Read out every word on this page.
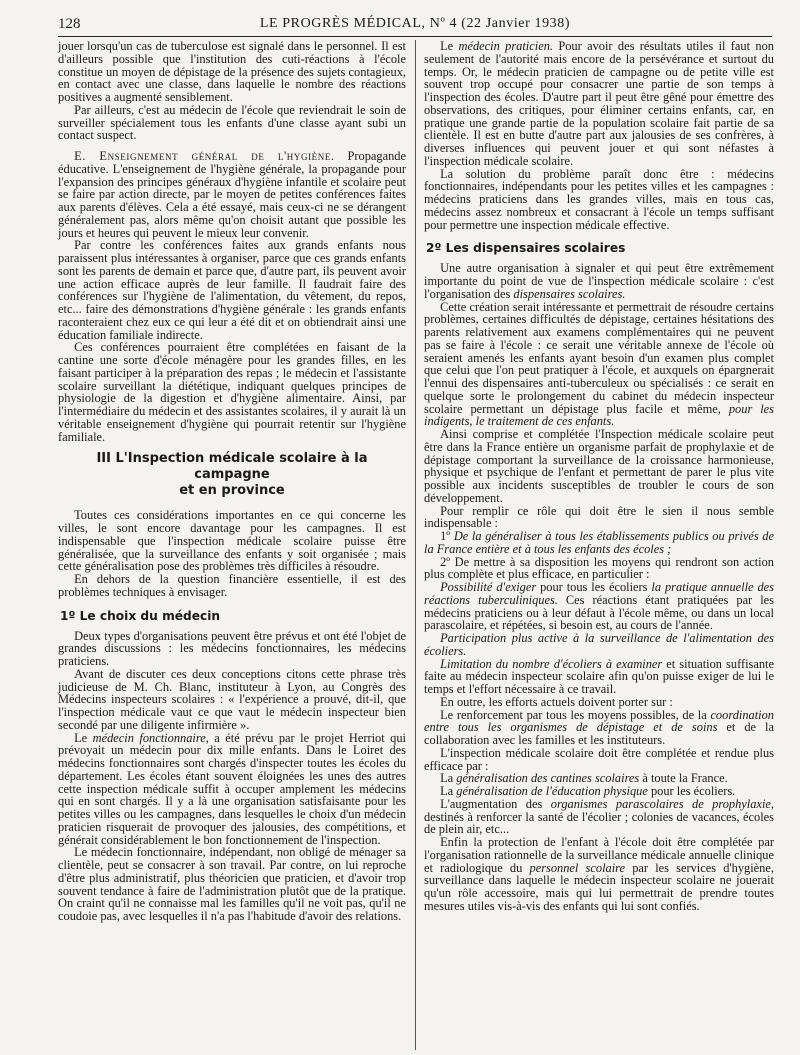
128	LE PROGRÈS MÉDICAL, Nº 4 (22 Janvier 1938)

jouer lorsqu'un cas de tuberculose est signalé dans le personnel. Il est d'ailleurs possible que l'institution des cuti-réactions à l'école constitue un moyen de dépistage de la présence des sujets contagieux, en contact avec une classe, dans laquelle le nombre des réactions positives a augmenté sensiblement.

Par ailleurs, c'est au médecin de l'école que reviendrait le soin de surveiller spécialement tous les enfants d'une classe ayant subi un contact suspect.

E. Enseignement général de l'hygiène. Propagande éducative. L'enseignement de l'hygiène générale, la propagande pour l'expansion des principes généraux d'hygiène infantile et scolaire peut se faire par action directe, par le moyen de petites conférences faites aux parents d'élèves. Cela a été essayé, mais ceux-ci ne se dérangent généralement pas, alors même qu'on choisit autant que possible les jours et heures qui peuvent le mieux leur convenir.

Par contre les conférences faites aux grands enfants nous paraissent plus intéressantes à organiser, parce que ces grands enfants sont les parents de demain et parce que, d'autre part, ils peuvent avoir une action efficace auprès de leur famille. Il faudrait faire des conférences sur l'hygiène de l'alimentation, du vêtement, du repos, etc... faire des démonstrations d'hygiène générale : les grands enfants raconteraient chez eux ce qui leur a été dit et on obtiendrait ainsi une éducation familiale indirecte.

Ces conférences pourraient être complétées en faisant de la cantine une sorte d'école ménagère pour les grandes filles, en les faisant participer à la préparation des repas ; le médecin et l'assistante scolaire surveillant la diététique, indiquant quelques principes de physiologie de la digestion et d'hygiène alimentaire. Ainsi, par l'intermédiaire du médecin et des assistantes scolaires, il y aurait là un véritable enseignement d'hygiène qui pourrait retentir sur l'hygiène familiale.

III L'Inspection médicale scolaire à la campagne
et en province

Toutes ces considérations importantes en ce qui concerne les villes, le sont encore davantage pour les campagnes. Il est indispensable que l'inspection médicale scolaire puisse être généralisée, que la surveillance des enfants y soit organisée ; mais cette généralisation pose des problèmes très difficiles à résoudre.

En dehors de la question financière essentielle, il est des problèmes techniques à envisager.

1º Le choix du médecin

Deux types d'organisations peuvent être prévus et ont été l'objet de grandes discussions : les médecins fonctionnaires, les médecins praticiens.

Avant de discuter ces deux conceptions citons cette phrase très judicieuse de M. Ch. Blanc, instituteur à Lyon, au Congrès des Médecins inspecteurs scolaires : « l'expérience a prouvé, dit-il, que l'inspection médicale vaut ce que vaut le médecin inspecteur bien secondé par une diligente infirmière ».

Le médecin fonctionnaire, a été prévu par le projet Herriot qui prévoyait un médecin pour dix mille enfants. Dans le Loiret des médecins fonctionnaires sont chargés d'inspecter toutes les écoles du département. Les écoles étant souvent éloignées les unes des autres cette inspection médicale suffit à occuper amplement les médecins qui en sont chargés. Il y a là une organisation satisfaisante pour les petites villes ou les campagnes, dans lesquelles le choix d'un médecin praticien risquerait de provoquer des jalousies, des compétitions, et générait considérablement le bon fonctionnement de l'inspection.

Le médecin fonctionnaire, indépendant, non obligé de ménager sa clientèle, peut se consacrer à son travail. Par contre, on lui reproche d'être plus administratif, plus théoricien que praticien, et d'avoir trop souvent tendance à faire de l'administration plutôt que de la pratique. On craint qu'il ne connaisse mal les familles qu'il ne voit pas, qu'il ne coudoie pas, avec lesquelles il n'a pas l'habitude d'avoir des relations.

Le médecin praticien. Pour avoir des résultats utiles il faut non seulement de l'autorité mais encore de la persévérance et surtout du temps. Or, le médecin praticien de campagne ou de petite ville est souvent trop occupé pour consacrer une partie de son temps à l'inspection des écoles. D'autre part il peut être gêné pour émettre des observations, des critiques, pour éliminer certains enfants, car, en pratique une grande partie de la population scolaire fait partie de sa clientèle. Il est en butte d'autre part aux jalousies de ses confrères, à diverses influences qui peuvent jouer et qui sont néfastes à l'inspection médicale scolaire.

La solution du problème paraît donc être : médecins fonctionnaires, indépendants pour les petites villes et les campagnes : médecins praticiens dans les grandes villes, mais en tous cas, médecins assez nombreux et consacrant à l'école un temps suffisant pour permettre une inspection médicale effective.

2º Les dispensaires scolaires

Une autre organisation à signaler et qui peut être extrêmement importante du point de vue de l'inspection médicale scolaire : c'est l'organisation des dispensaires scolaires.

Cette création serait intéressante et permettrait de résoudre certains problèmes, certaines difficultés de dépistage, certaines hésitations des parents relativement aux examens complémentaires qui ne peuvent pas se faire à l'école : ce serait une véritable annexe de l'école où seraient amenés les enfants ayant besoin d'un examen plus complet que celui que l'on peut pratiquer à l'école, et auxquels on épargnerait l'ennui des dispensaires anti-tuberculeux ou spécialisés : ce serait en quelque sorte le prolongement du cabinet du médecin inspecteur scolaire permettant un dépistage plus facile et même, pour les indigents, le traitement de ces enfants.

Ainsi comprise et complétée l'Inspection médicale scolaire peut être dans la France entière un organisme parfait de prophylaxie et de dépistage comportant la surveillance de la croissance harmonieuse, physique et psychique de l'enfant et permettant de parer le plus vite possible aux incidents susceptibles de troubler le cours de son développement.

Pour remplir ce rôle qui doit être le sien il nous semble indispensable :

1º De la généraliser à tous les établissements publics ou privés de la France entière et à tous les enfants des écoles ;

2º De mettre à sa disposition les moyens qui rendront son action plus complète et plus efficace, en particulier :

Possibilité d'exiger pour tous les écoliers la pratique annuelle des réactions tuberculiniques. Ces réactions étant pratiquées par les médecins praticiens ou à leur défaut à l'école même, ou dans un local parascolaire, et répétées, si besoin est, au cours de l'année.

Participation plus active à la surveillance de l'alimentation des écoliers.

Limitation du nombre d'écoliers à examiner et situation suffisante faite au médecin inspecteur scolaire afin qu'on puisse exiger de lui le temps et l'effort nécessaire à ce travail.

En outre, les efforts actuels doivent porter sur :

Le renforcement par tous les moyens possibles, de la coordination entre tous les organismes de dépistage et de soins et de la collaboration avec les familles et les instituteurs.

L'inspection médicale scolaire doit être complétée et rendue plus efficace par :

La généralisation des cantines scolaires à toute la France.

La généralisation de l'éducation physique pour les écoliers.

L'augmentation des organismes parascolaires de prophylaxie, destinés à renforcer la santé de l'écolier ; colonies de vacances, écoles de plein air, etc...

Enfin la protection de l'enfant à l'école doit être complétée par l'organisation rationnelle de la surveillance médicale annuelle clinique et radiologique du personnel scolaire par les services d'hygiène, surveillance dans laquelle le médecin inspecteur scolaire ne jouerait qu'un rôle accessoire, mais qui lui permettrait de prendre toutes mesures utiles vis-à-vis des enfants qui lui sont confiés.
